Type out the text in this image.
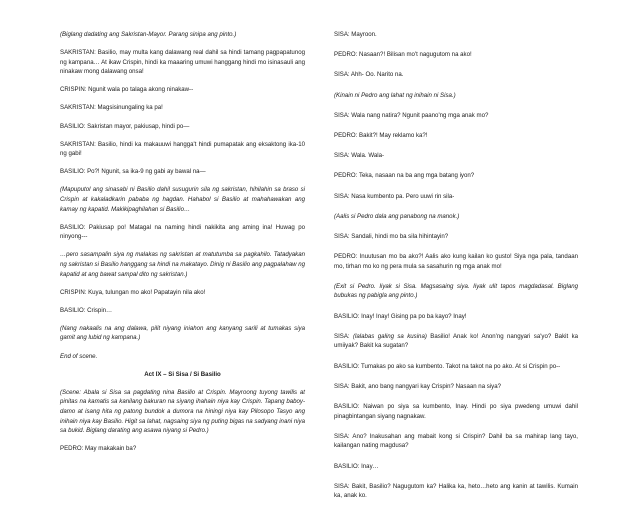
(Biglang dadating ang Sakristan-Mayor. Parang sinipa ang pinto.)

SAKRISTAN: Basilio, may multa kang dalawang real dahil sa hindi tamang pagpapatunog ng kampana… At ikaw Crispin, hindi ka maaaring umuwi hanggang hindi mo isinasauli ang ninakaw mong dalawang onsa!

CRISPIN: Ngunit wala po talaga akong ninakaw--

SAKRISTAN: Magsisinungaling ka pa!

BASILIO: Sakristan mayor, pakiusap, hindi po—

SAKRISTAN: Basilio, hindi ka makauuwi hangga't hindi pumapatak ang eksaktong ika-10 ng gabi!

BASILIO: Po?! Ngunit, sa ika-9 ng gabi ay bawal na—

(Mapuputol ang sinasabi ni Basilio dahil susugurin sila ng sakristan, hihilahin sa braso si Crispin at kakaladkarin pababa ng hagdan. Hahabol si Basilio at mahahawakan ang kamay ng kapatid. Makikipaghilahan si Basilio…

BASILIO: Pakiusap po! Matagal na naming hindi nakikita ang aming ina! Huwag po ninyong---

…pero sasampalin siya ng malakas ng sakristan at matutumba sa pagkahilo. Tatadyakan ng sakristan si Basilio hanggang sa hindi na makatayo. Dinig ni Basilio ang pagpalahaw ng kapatid at ang bawat sampal dito ng sakristan.)

CRISPIN: Kuya, tulungan mo ako! Papatayin nila ako!

BASILIO: Crispin…

(Nang nakaalis na ang dalawa, pilit niyang iniahon ang kanyang sarili at tumakas siya gamit ang lubid ng kampana.)

End of scene.

Act IX – Si Sisa / Si Basilio

(Scene: Abala si Sisa sa pagdating nina Basilio at Crispin. Mayroong tuyong tawilis at pinitas na kamatis sa kanilang bakuran na siyang ihahain niya kay Crispin. Tapang baboy-damo at isang hita ng patong bundok a dumora na hiningi niya kay Pilosopo Tasyo ang inihain niya kay Basilio. Higit sa lahat, nagsaing siya ng puting bigas na sadyang inani niya sa bukid. Biglang darating ang asawa niyang si Pedro.)

PEDRO: May makakain ba?

SISA: Mayroon.

PEDRO: Nasaan?! Bilisan mo't nagugutom na ako!

SISA: Ahh- Oo. Narito na.

(Kinain ni Pedro ang lahat ng inihain ni Sisa.)

SISA: Wala nang natira? Ngunit paano'ng mga anak mo?

PEDRO: Bakit?! May reklamo ka?!

SISA: Wala. Wala-

PEDRO: Teka, nasaan na ba ang mga batang iyon?

SISA: Nasa kumbento pa. Pero uuwi rin sila-

(Aalis si Pedro dala ang panabong na manok.)

SISA: Sandali, hindi mo ba sila hihintayin?

PEDRO: Inuutusan mo ba ako?! Aalis ako kung kailan ko gusto! Siya nga pala, tandaan mo, tirhan mo ko ng pera mula sa sasahurin ng mga anak mo!

(Exit si Pedro. Iiyak si Sisa. Magsasaing siya. Iiyak ulit tapos magdadasal. Biglang bubukas ng pabigla ang pinto.)

BASILIO: Inay! Inay! Gising pa po ba kayo? Inay!

SISA: (lalabas galing sa kusina) Basilio! Anak ko! Anon'ng nangyari sa'yo? Bakit ka umiiyak? Bakit ka sugatan?

BASILIO: Tumakas po ako sa kumbento. Takot na takot na po ako. At si Crispin po--

SISA: Bakit, ano bang nangyari kay Crispin? Nasaan na siya?

BASILIO: Naiwan po siya sa kumbento, Inay. Hindi po siya pwedeng umuwi dahil pinagbintangan siyang nagnakaw.

SISA: Ano? Inakusahan ang mabait kong si Crispin? Dahil ba sa mahirap lang tayo, kailangan nating magdusa?

BASILIO: Inay…

SISA: Bakit, Basilio? Nagugutom ka? Halika ka, heto…heto ang kanin at tawilis. Kumain ka, anak ko.
